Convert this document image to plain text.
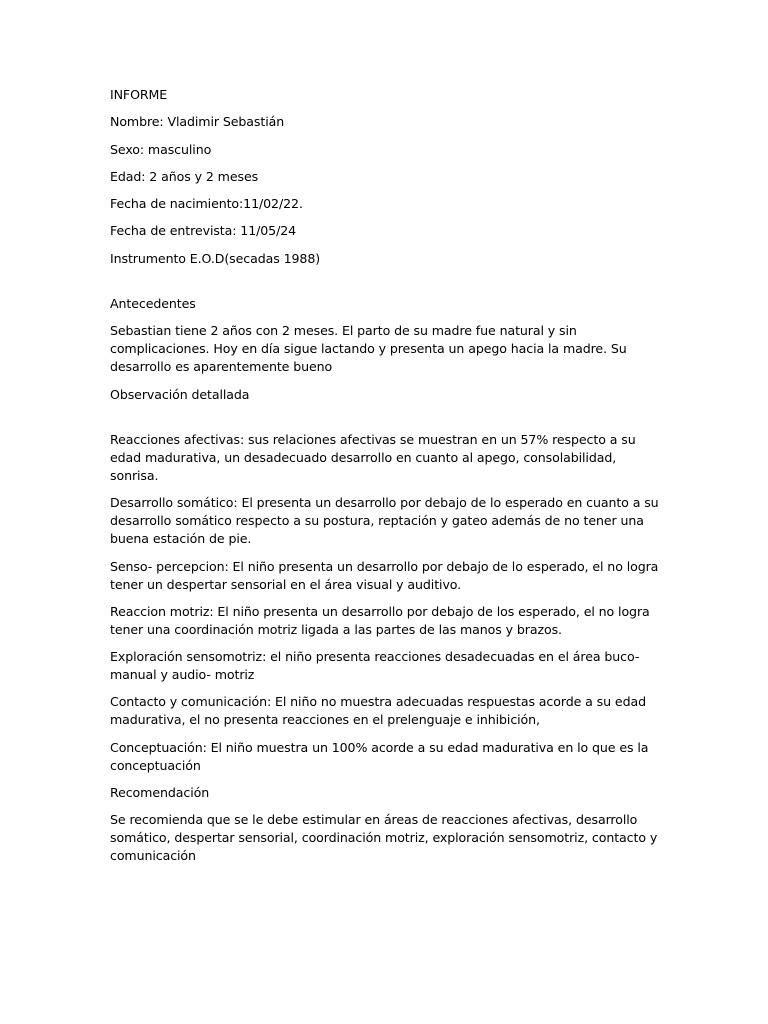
INFORME

Nombre: Vladimir Sebastián

Sexo: masculino

Edad: 2 años y 2 meses

Fecha de nacimiento:11/02/22.

Fecha de entrevista: 11/05/24

Instrumento E.O.D(secadas 1988)

Antecedentes

Sebastian tiene 2 años con 2 meses. El parto de su madre fue natural y sin complicaciones. Hoy en día sigue lactando y presenta un apego hacia la madre. Su desarrollo es aparentemente bueno

Observación detallada

Reacciones afectivas: sus relaciones afectivas se muestran en un 57% respecto a su edad madurativa, un desadecuado desarrollo en cuanto al apego, consolabilidad, sonrisa.

Desarrollo somático: El presenta un desarrollo por debajo de lo esperado en cuanto a su desarrollo somático respecto a su postura, reptación y gateo además de no tener una buena estación de pie.

Senso- percepcion: El niño presenta un desarrollo por debajo de lo esperado, el no logra tener un despertar sensorial en el área visual y auditivo.

Reaccion motriz: El niño presenta un desarrollo por debajo de los esperado, el no logra tener una coordinación motriz ligada a las partes de las manos y brazos.

Exploración sensomotriz: el niño presenta reacciones desadecuadas en el área buco-manual y audio- motriz

Contacto y comunicación: El niño no muestra adecuadas respuestas acorde a su edad madurativa, el no presenta reacciones en el prelenguaje e inhibición,

Conceptuación: El niño muestra un 100% acorde a su edad madurativa en lo que es la conceptuación

Recomendación

Se recomienda que se le debe estimular en áreas de reacciones afectivas, desarrollo somático, despertar sensorial, coordinación motriz, exploración sensomotriz, contacto y comunicación
